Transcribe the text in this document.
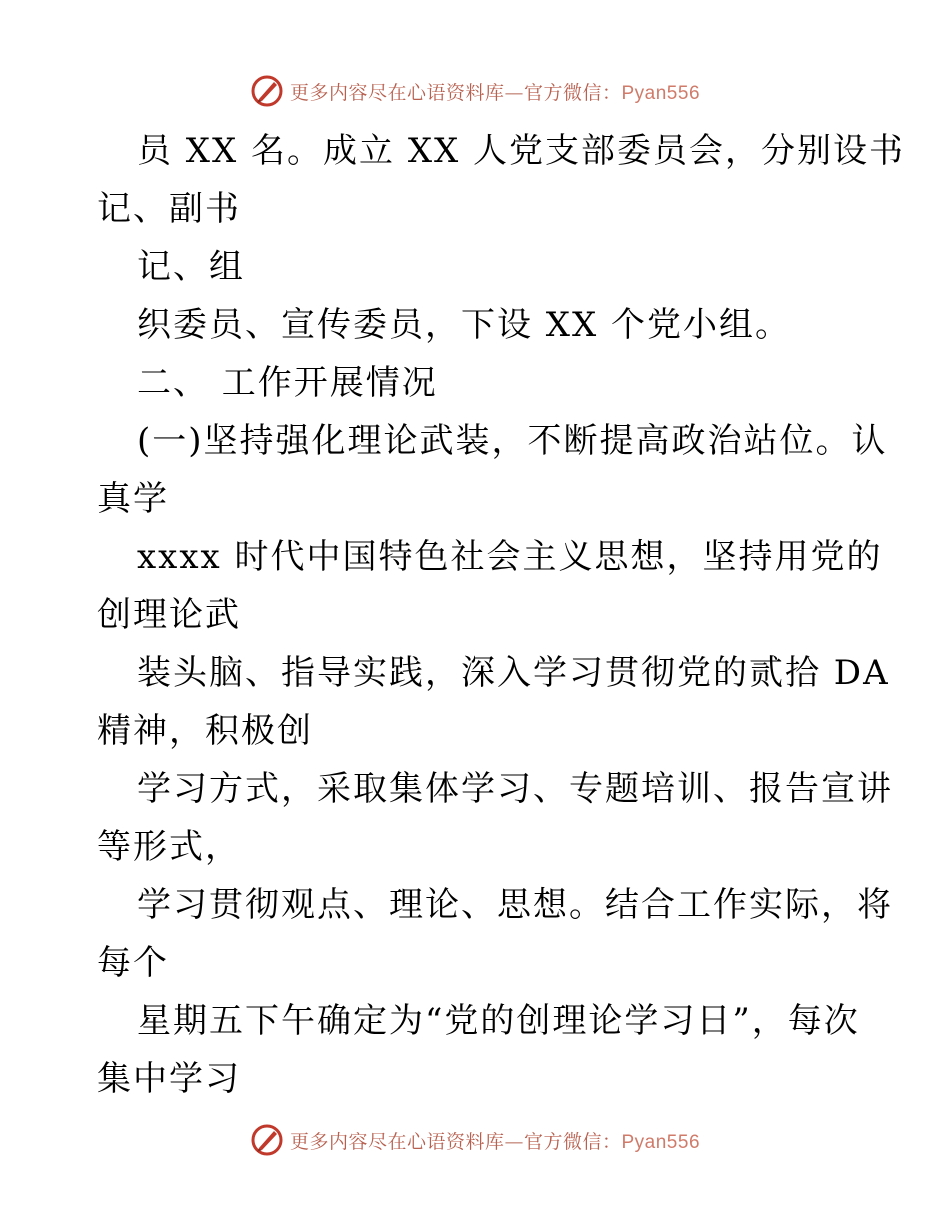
更多内容尽在心语资料库—官方微信：Pyan556
员 XX 名。成立 XX 人党支部委员会，分别设书
记、副书
记、组
织委员、宣传委员，下设 XX 个党小组。
二、 工作开展情况
(一)坚持强化理论武装，不断提高政治站位。认
真学
xxxx 时代中国特色社会主义思想，坚持用党的
创理论武
装头脑、指导实践，深入学习贯彻党的贰拾 DA
精神，积极创
学习方式，采取集体学习、专题培训、报告宣讲
等形式，
学习贯彻观点、理论、思想。结合工作实际，将
每个
星期五下午确定为“党的创理论学习日”，每次
集中学习
更多内容尽在心语资料库—官方微信：Pyan556
